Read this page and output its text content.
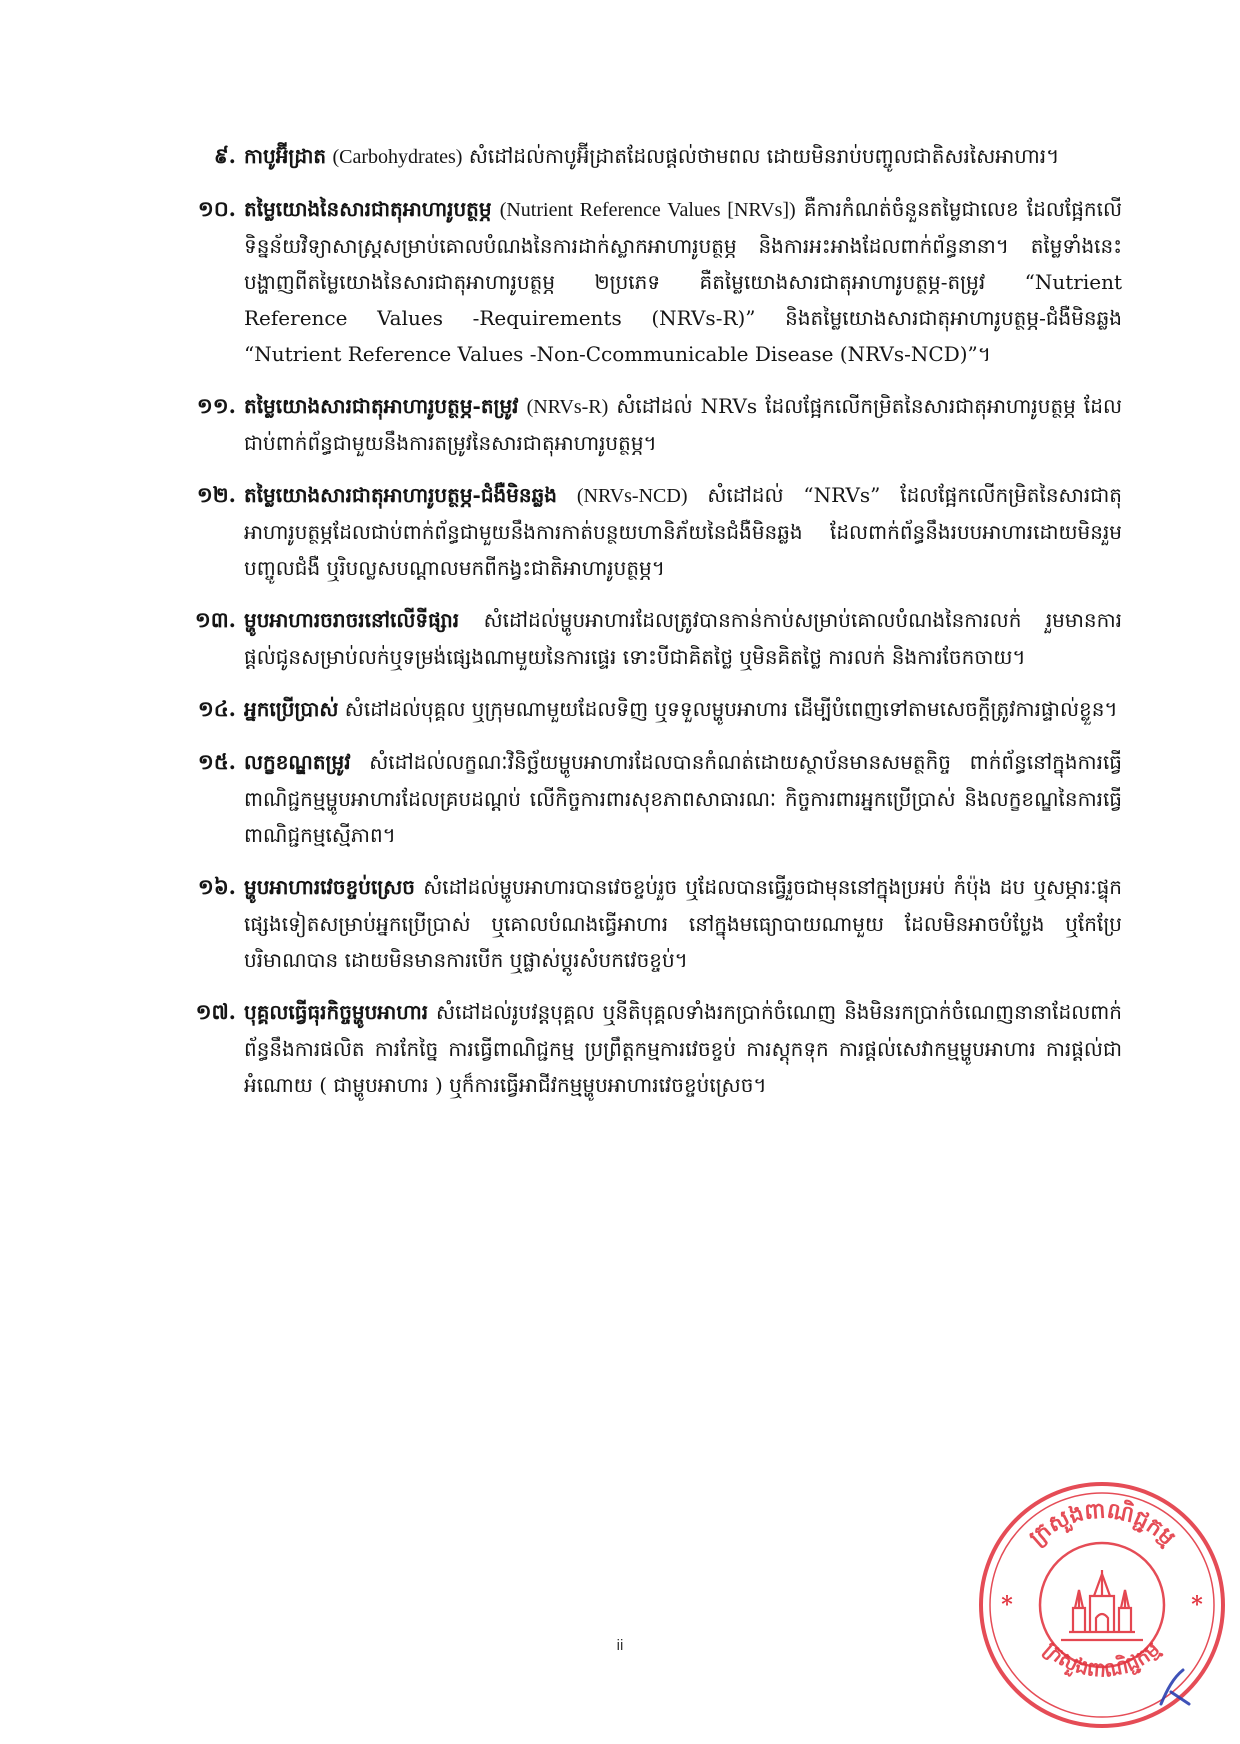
៩. កាបូអ៊ីដ្រាត (Carbohydrates) សំដៅដល់កាបូអ៊ីដ្រាតដែលផ្តល់ថាមពល ដោយមិនរាប់បញ្ចូលជាតិសរសៃអាហារ។
១០. តម្លៃយោងនៃសារជាតុអាហារូបត្ថម្ភ (Nutrient Reference Values [NRVs]) គឺការកំណត់ចំនួនតម្លៃជាលេខ ដែលផ្អែកលើទិន្នន័យវិទ្យាសាស្ត្រសម្រាប់គោលបំណងនៃការដាក់ស្លាកអាហារូបត្ថម្ភ និងការអះអាងដែលពាក់ព័ន្ធនានា។ តម្លៃទាំងនេះបង្ហាញពីតម្លៃយោងនៃសារជាតុអាហារូបត្ថម្ភ ២ប្រភេទ គឺតម្លៃយោងសារជាតុអាហារូបត្ថម្ភ-តម្រូវ “Nutrient Reference Values -Requirements (NRVs-R)” និងតម្លៃយោងសារជាតុអាហារូបត្ថម្ភ-ជំងឺមិនឆ្លង “Nutrient Reference Values -Non-Ccommunicable Disease (NRVs-NCD)”។
១១. តម្លៃយោងសារជាតុអាហារូបត្ថម្ភ-តម្រូវ (NRVs-R) សំដៅដល់ NRVs ដែលផ្អែកលើកម្រិតនៃសារជាតុអាហារូបត្ថម្ភ ដែលជាប់ពាក់ព័ន្ធជាមួយនឹងការតម្រូវនៃសារជាតុអាហារូបត្ថម្ភ។
១២. តម្លៃយោងសារជាតុអាហារូបត្ថម្ភ-ជំងឺមិនឆ្លង (NRVs-NCD) សំដៅដល់ “NRVs” ដែលផ្អែកលើកម្រិតនៃសារជាតុអាហារូបត្ថម្ភដែលជាប់ពាក់ព័ន្ធជាមួយនឹងការកាត់បន្ថយហានិភ័យនៃជំងឺមិនឆ្លង ដែលពាក់ព័ន្ធនឹងរបបអាហារដោយមិនរួមបញ្ចូលជំងឺ ឬរិបល្លសបណ្តាលមកពីកង្វះជាតិអាហារូបត្ថម្ភ។
១៣. ម្ហូបអាហារចរាចរនៅលើទីផ្សារ សំដៅដល់ម្ហូបអាហារដែលត្រូវបានកាន់កាប់សម្រាប់គោលបំណងនៃការលក់ រួមមានការផ្តល់ជូនសម្រាប់លក់ឬទម្រង់ផ្សេងណាមួយនៃការផ្ទេរ ទោះបីជាគិតថ្លៃ ឬមិនគិតថ្លៃ ការលក់ និងការចែកចាយ។
១៤. អ្នកប្រើប្រាស់ សំដៅដល់បុគ្គល ឬក្រុមណាមួយដែលទិញ ឬទទួលម្ហូបអាហារ ដើម្បីបំពេញទៅតាមសេចក្តីត្រូវការផ្ទាល់ខ្លួន។
១៥. លក្ខខណ្ឌតម្រូវ សំដៅដល់លក្ខណៈវិនិច្ឆ័យម្ហូបអាហារដែលបានកំណត់ដោយស្ថាប័នមានសមត្ថកិច្ច ពាក់ព័ន្ធនៅក្នុងការធ្វើពាណិជ្ជកម្មម្ហូបអាហារដែលគ្របដណ្តប់ លើកិច្ចការពារសុខភាពសាធារណៈ កិច្ចការពារអ្នកប្រើប្រាស់ និងលក្ខខណ្ឌនៃការធ្វើពាណិជ្ជកម្មស្មើភាព។
១៦. ម្ហូបអាហារវេចខ្ចប់ស្រេច សំដៅដល់ម្ហូបអាហារបានវេចខ្ចប់រួច ឬដែលបានធ្វើរួចជាមុននៅក្នុងប្រអប់ កំប៉ុង ដប ឬសម្ភារៈផ្ទុកផ្សេងទៀតសម្រាប់អ្នកប្រើប្រាស់ ឬគោលបំណងធ្វើអាហារ នៅក្នុងមធ្យោបាយណាមួយ ដែលមិនអាចបំប្លែង ឬកែប្រែបរិមាណបាន ដោយមិនមានការបើក ឬផ្លាស់ប្តូរសំបកវេចខ្ចប់។
១៧. បុគ្គលធ្វើធុរកិច្ចម្ហូបអាហារ សំដៅដល់រូបវន្តបុគ្គល ឬនីតិបុគ្គលទាំងរកប្រាក់ចំណេញ និងមិនរកប្រាក់ចំណេញនានាដែលពាក់ព័ន្ធនឹងការផលិត ការកែច្នៃ ការធ្វើពាណិជ្ជកម្ម ប្រព្រឹត្តកម្មការវេចខ្ចប់ ការស្តុកទុក ការផ្តល់សេវាកម្មម្ហូបអាហារ ការផ្តល់ជាអំណោយ ( ជាម្ហូបអាហារ ) ឬក៏ការធ្វើអាជីវកម្មម្ហូបអាហារវេចខ្ចប់ស្រេច។
ii
ក្រសួងពាណិជ្ជកម្ម
ក្រសួងពាណិជ្ជកម្ម
*	*
